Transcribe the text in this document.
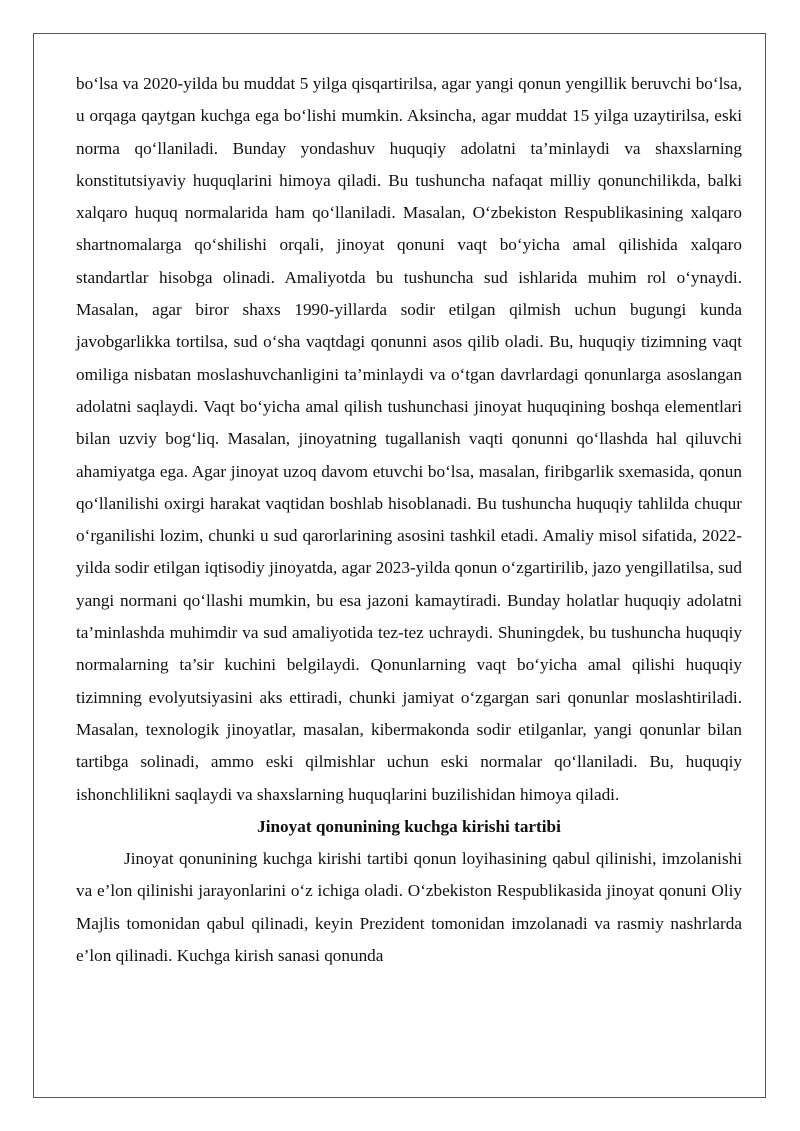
bo‘lsa va 2020-yilda bu muddat 5 yilga qisqartirilsa, agar yangi qonun yengillik beruvchi bo‘lsa, u orqaga qaytgan kuchga ega bo‘lishi mumkin. Aksincha, agar muddat 15 yilga uzaytirilsa, eski norma qo‘llaniladi. Bunday yondashuv huquqiy adolatni ta’minlaydi va shaxslarning konstitutsiyaviy huquqlarini himoya qiladi. Bu tushuncha nafaqat milliy qonunchilikda, balki xalqaro huquq normalarida ham qo‘llaniladi. Masalan, O‘zbekiston Respublikasining xalqaro shartnomalarga qo‘shilishi orqali, jinoyat qonuni vaqt bo‘yicha amal qilishida xalqaro standartlar hisobga olinadi. Amaliyotda bu tushuncha sud ishlarida muhim rol o‘ynaydi. Masalan, agar biror shaxs 1990-yillarda sodir etilgan qilmish uchun bugungi kunda javobgarlikka tortilsa, sud o‘sha vaqtdagi qonunni asos qilib oladi. Bu, huquqiy tizimning vaqt omiliga nisbatan moslashuvchanligini ta’minlaydi va o‘tgan davrlardagi qonunlarga asoslangan adolatni saqlaydi. Vaqt bo‘yicha amal qilish tushunchasi jinoyat huquqining boshqa elementlari bilan uzviy bog‘liq. Masalan, jinoyatning tugallanish vaqti qonunni qo‘llashda hal qiluvchi ahamiyatga ega. Agar jinoyat uzoq davom etuvchi bo‘lsa, masalan, firibgarlik sxemasida, qonun qo‘llanilishi oxirgi harakat vaqtidan boshlab hisoblanadi. Bu tushuncha huquqiy tahlilda chuqur o‘rganilishi lozim, chunki u sud qarorlarining asosini tashkil etadi. Amaliy misol sifatida, 2022-yilda sodir etilgan iqtisodiy jinoyatda, agar 2023-yilda qonun o‘zgartirilib, jazo yengillatilsa, sud yangi normani qo‘llashi mumkin, bu esa jazoni kamaytiradi. Bunday holatlar huquqiy adolatni ta’minlashda muhimdir va sud amaliyotida tez-tez uchraydi. Shuningdek, bu tushuncha huquqiy normalarning ta’sir kuchini belgilaydi. Qonunlarning vaqt bo‘yicha amal qilishi huquqiy tizimning evolyutsiyasini aks ettiradi, chunki jamiyat o‘zgargan sari qonunlar moslashtiriladi. Masalan, texnologik jinoyatlar, masalan, kibermakonda sodir etilganlar, yangi qonunlar bilan tartibga solinadi, ammo eski qilmishlar uchun eski normalar qo‘llaniladi. Bu, huquqiy ishonchlilikni saqlaydi va shaxslarning huquqlarini buzilishidan himoya qiladi.

Jinoyat qonunining kuchga kirishi tartibi

Jinoyat qonunining kuchga kirishi tartibi qonun loyihasining qabul qilinishi, imzolanishi va e’lon qilinishi jarayonlarini o‘z ichiga oladi. O‘zbekiston Respublikasida jinoyat qonuni Oliy Majlis tomonidan qabul qilinadi, keyin Prezident tomonidan imzolanadi va rasmiy nashrlarda e’lon qilinadi. Kuchga kirish sanasi qonunda
